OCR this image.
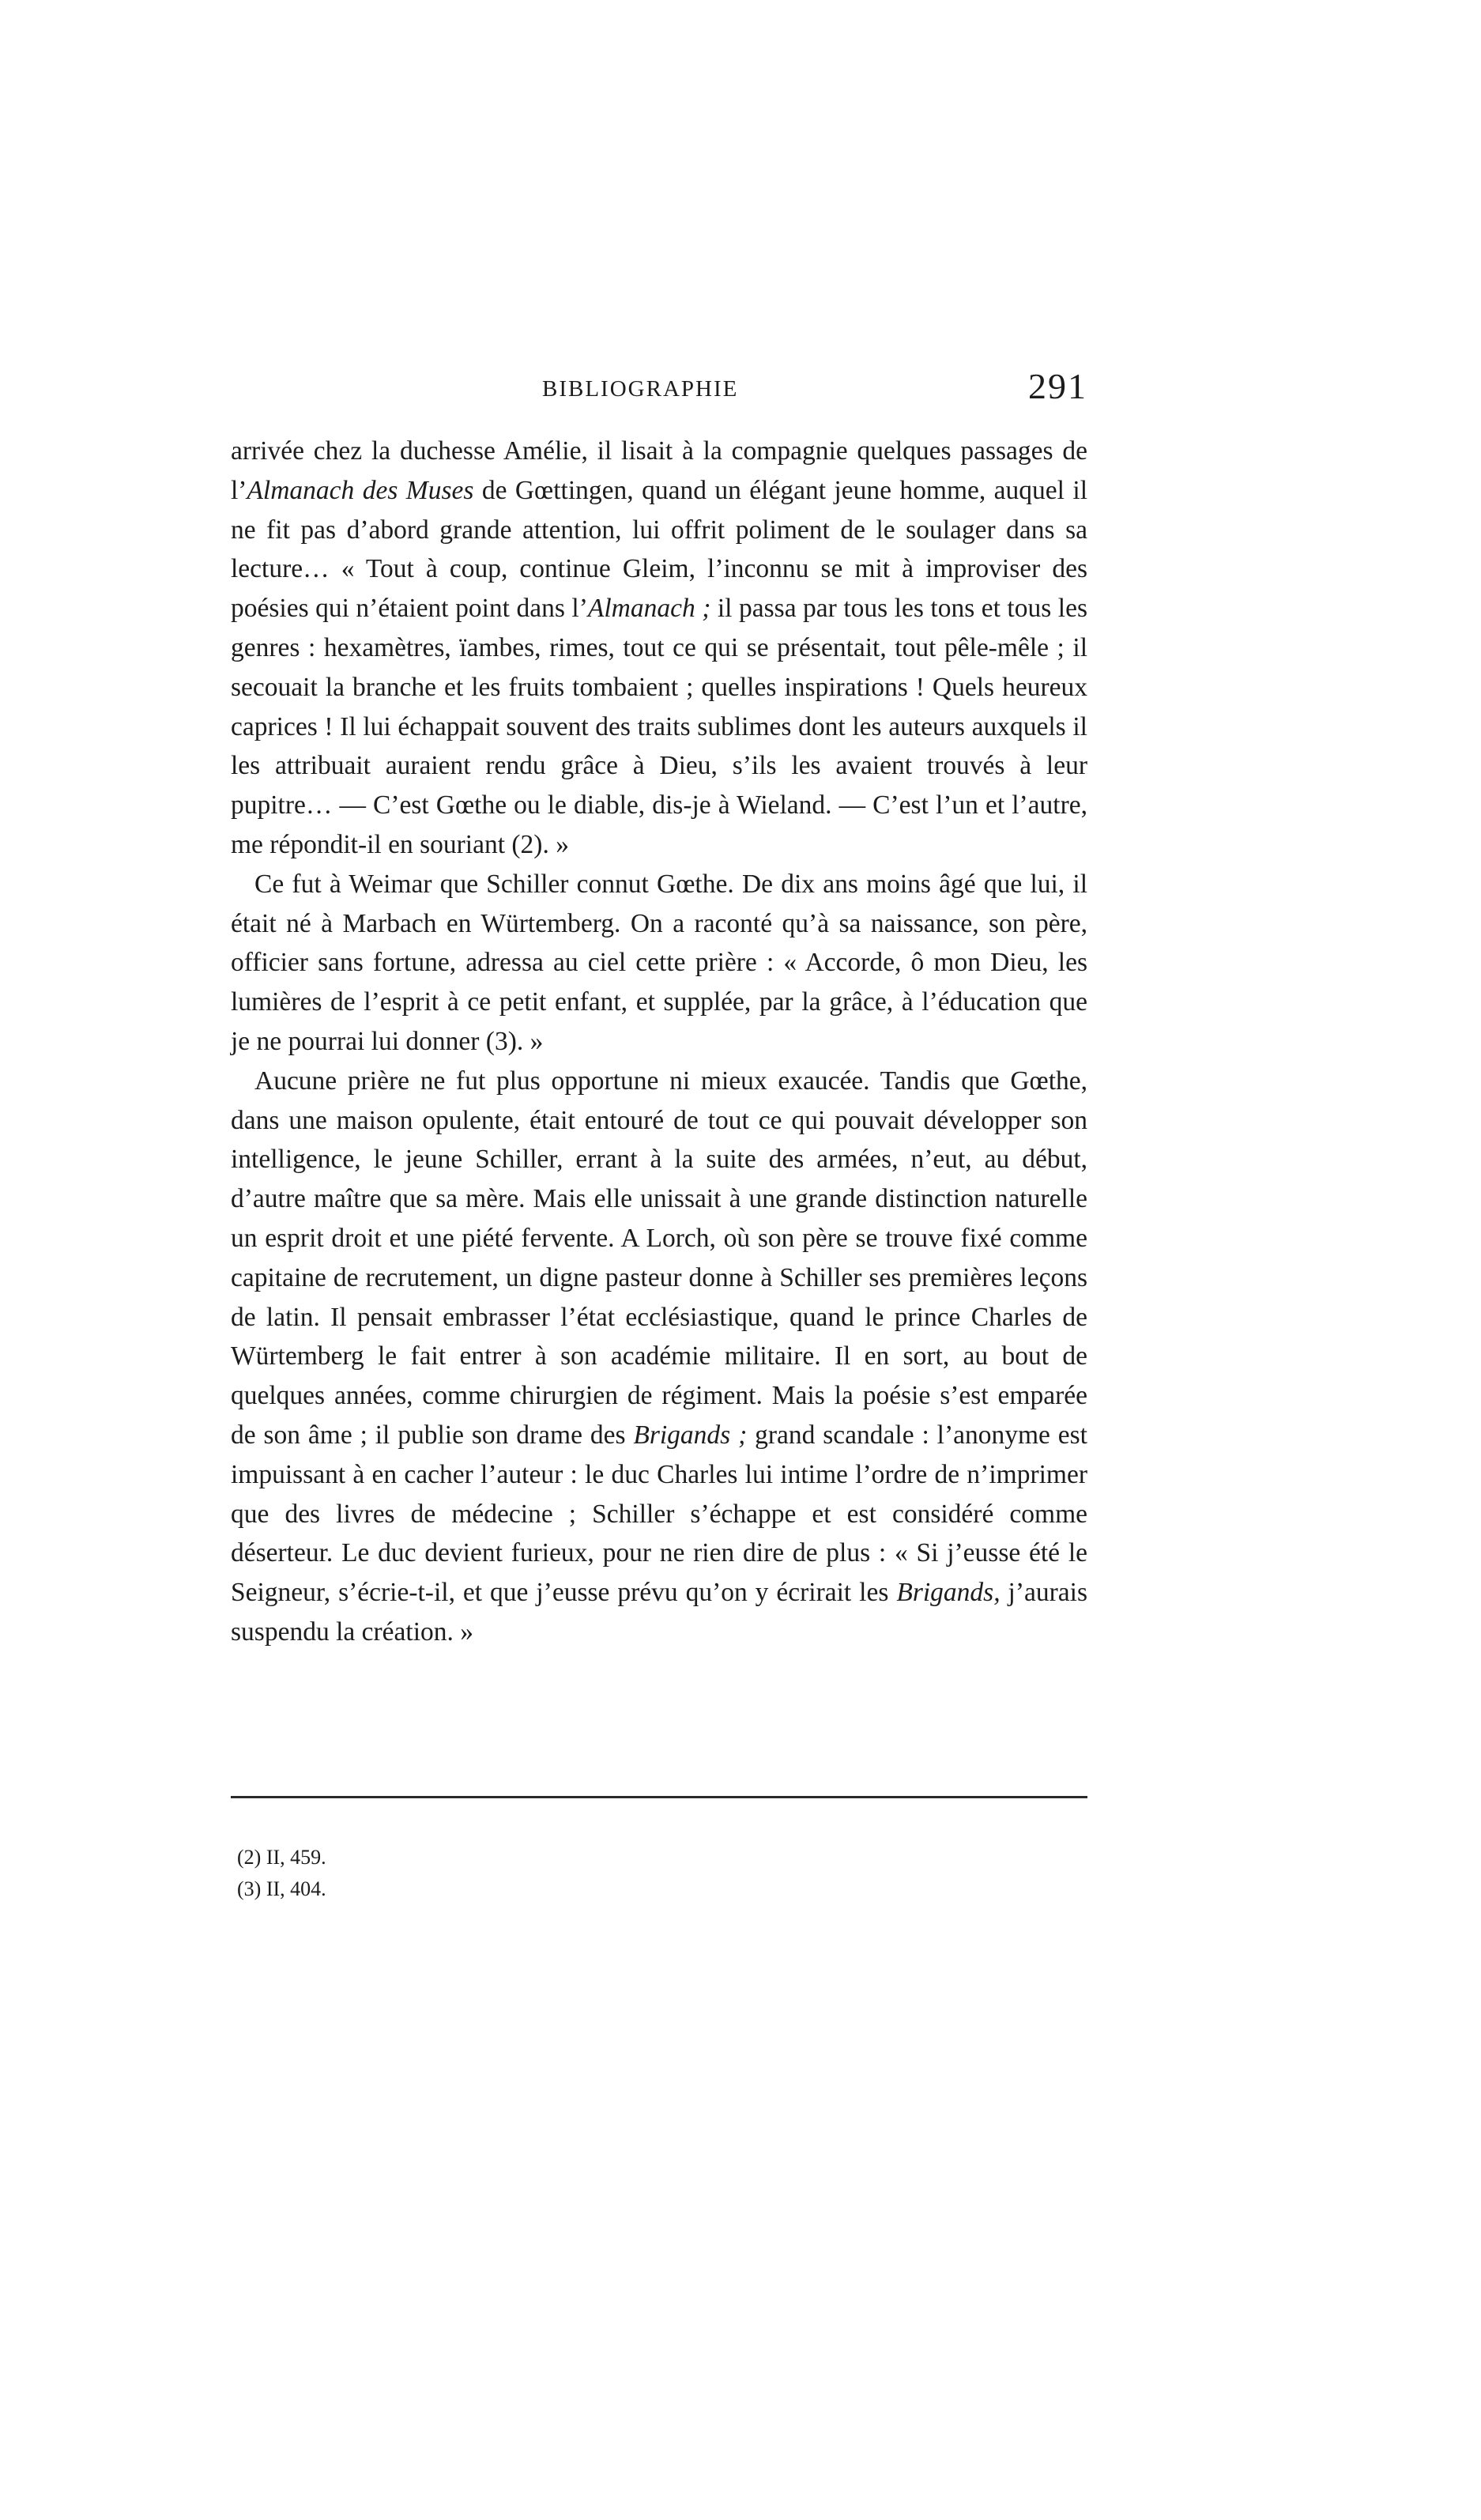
BIBLIOGRAPHIE	291

arrivée chez la duchesse Amélie, il lisait à la compagnie quelques passages de l’Almanach des Muses de Gœttingen, quand un élégant jeune homme, auquel il ne fit pas d’abord grande attention, lui offrit poliment de le soulager dans sa lecture… « Tout à coup, continue Gleim, l’inconnu se mit à improviser des poésies qui n’étaient point dans l’Almanach ; il passa par tous les tons et tous les genres : hexamètres, ïambes, rimes, tout ce qui se présentait, tout pêle-mêle ; il secouait la branche et les fruits tombaient ; quelles inspirations ! Quels heureux caprices ! Il lui échappait souvent des traits sublimes dont les auteurs auxquels il les attribuait auraient rendu grâce à Dieu, s’ils les avaient trouvés à leur pupitre… — C’est Gœthe ou le diable, dis-je à Wieland. — C’est l’un et l’autre, me répondit-il en souriant (2). »

Ce fut à Weimar que Schiller connut Gœthe. De dix ans moins âgé que lui, il était né à Marbach en Würtemberg. On a raconté qu’à sa naissance, son père, officier sans fortune, adressa au ciel cette prière : « Accorde, ô mon Dieu, les lumières de l’esprit à ce petit enfant, et supplée, par la grâce, à l’éducation que je ne pourrai lui donner (3). »

Aucune prière ne fut plus opportune ni mieux exaucée. Tandis que Gœthe, dans une maison opulente, était entouré de tout ce qui pouvait développer son intelligence, le jeune Schiller, errant à la suite des armées, n’eut, au début, d’autre maître que sa mère. Mais elle unissait à une grande distinction naturelle un esprit droit et une piété fervente. A Lorch, où son père se trouve fixé comme capitaine de recrutement, un digne pasteur donne à Schiller ses premières leçons de latin. Il pensait embrasser l’état ecclésiastique, quand le prince Charles de Würtemberg le fait entrer à son académie militaire. Il en sort, au bout de quelques années, comme chirurgien de régiment. Mais la poésie s’est emparée de son âme ; il publie son drame des Brigands ; grand scandale : l’anonyme est impuissant à en cacher l’auteur : le duc Charles lui intime l’ordre de n’imprimer que des livres de médecine ; Schiller s’échappe et est considéré comme déserteur. Le duc devient furieux, pour ne rien dire de plus : « Si j’eusse été le Seigneur, s’écrie-t-il, et que j’eusse prévu qu’on y écrirait les Brigands, j’aurais suspendu la création. »

(2) II, 459.
(3) II, 404.
